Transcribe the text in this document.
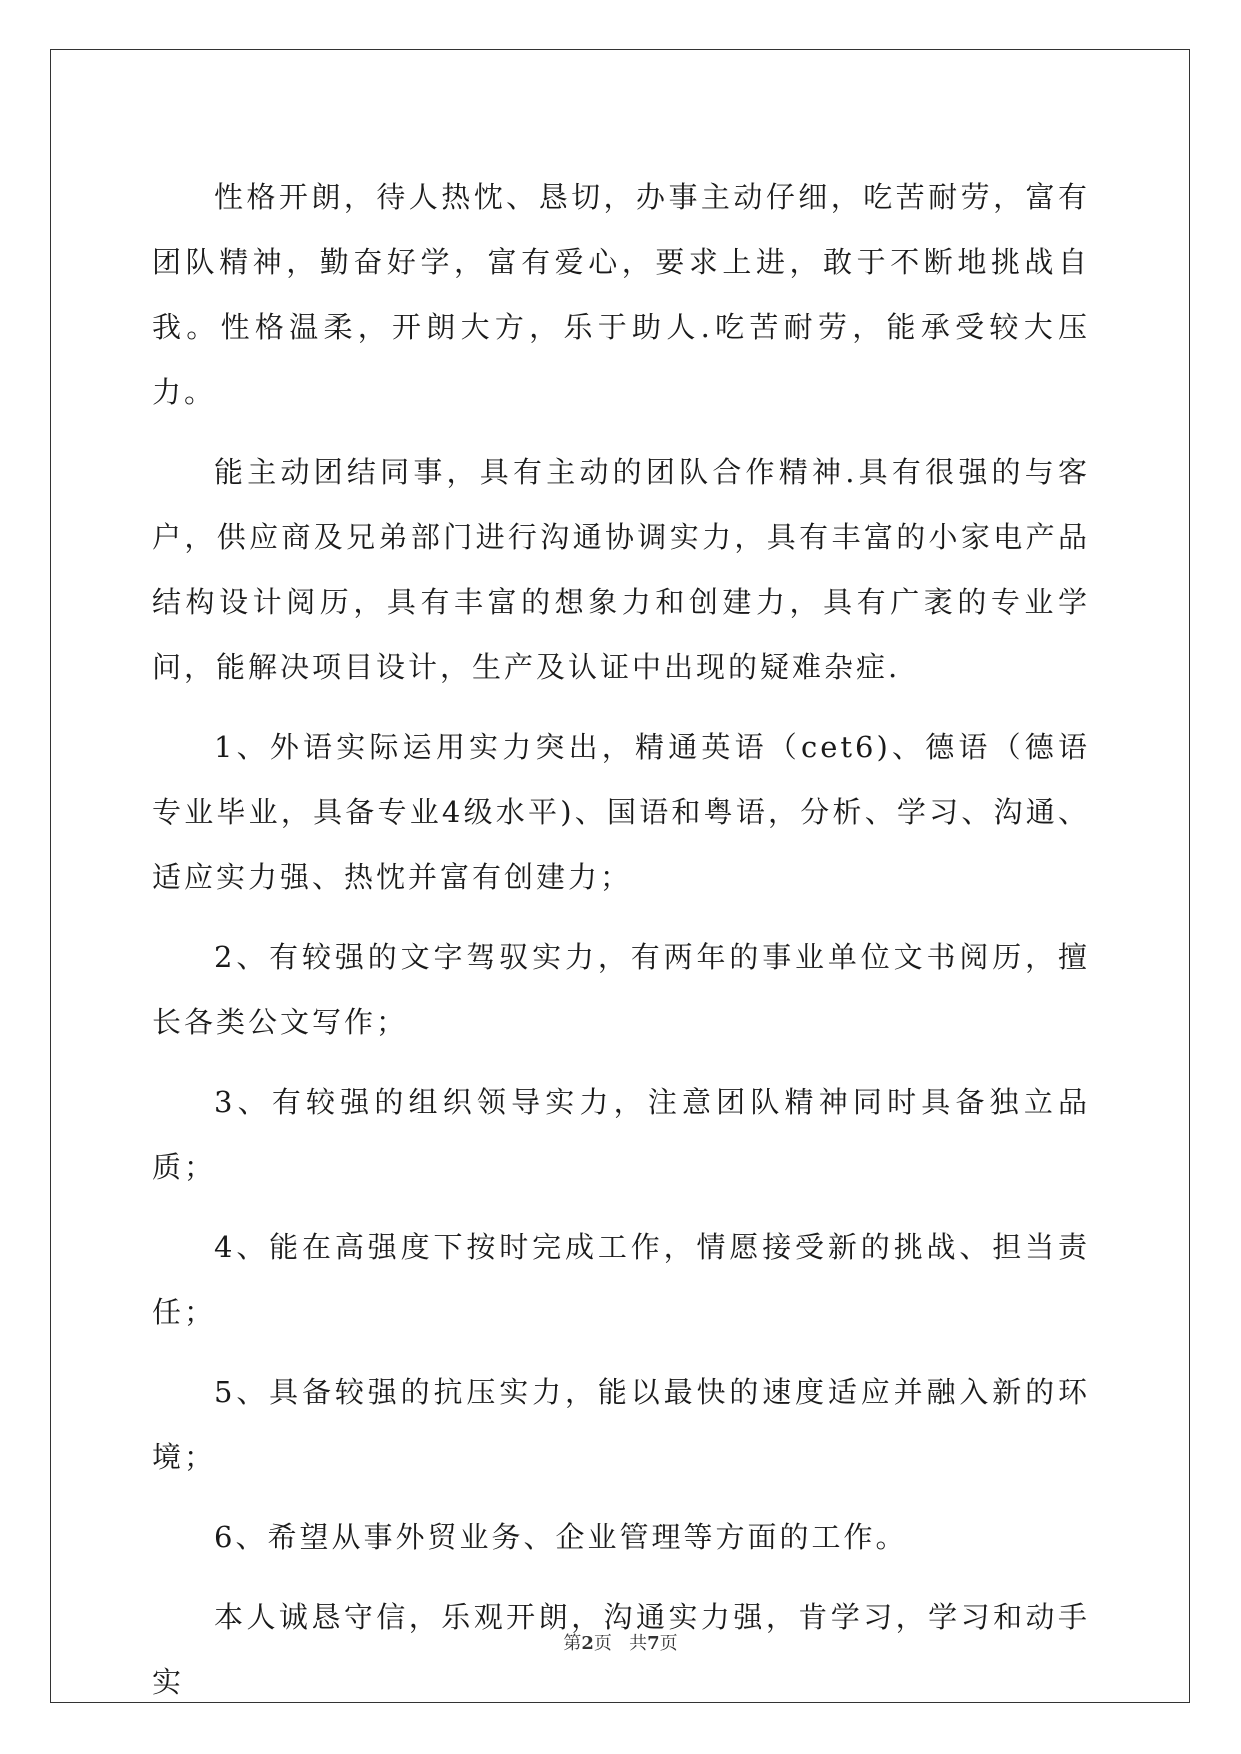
性格开朗，待人热忱、恳切，办事主动仔细，吃苦耐劳，富有团队精神，勤奋好学，富有爱心，要求上进，敢于不断地挑战自我。性格温柔，开朗大方，乐于助人.吃苦耐劳，能承受较大压力。

能主动团结同事，具有主动的团队合作精神.具有很强的与客户，供应商及兄弟部门进行沟通协调实力，具有丰富的小家电产品结构设计阅历，具有丰富的想象力和创建力，具有广袤的专业学问，能解决项目设计，生产及认证中出现的疑难杂症.

1、外语实际运用实力突出，精通英语（cet6)、德语（德语专业毕业，具备专业4级水平)、国语和粤语，分析、学习、沟通、适应实力强、热忱并富有创建力；

2、有较强的文字驾驭实力，有两年的事业单位文书阅历，擅长各类公文写作；

3、有较强的组织领导实力，注意团队精神同时具备独立品质；

4、能在高强度下按时完成工作，情愿接受新的挑战、担当责任；

5、具备较强的抗压实力，能以最快的速度适应并融入新的环境；

6、希望从事外贸业务、企业管理等方面的工作。

本人诚恳守信，乐观开朗，沟通实力强，肯学习，学习和动手实

第2页 共7页
